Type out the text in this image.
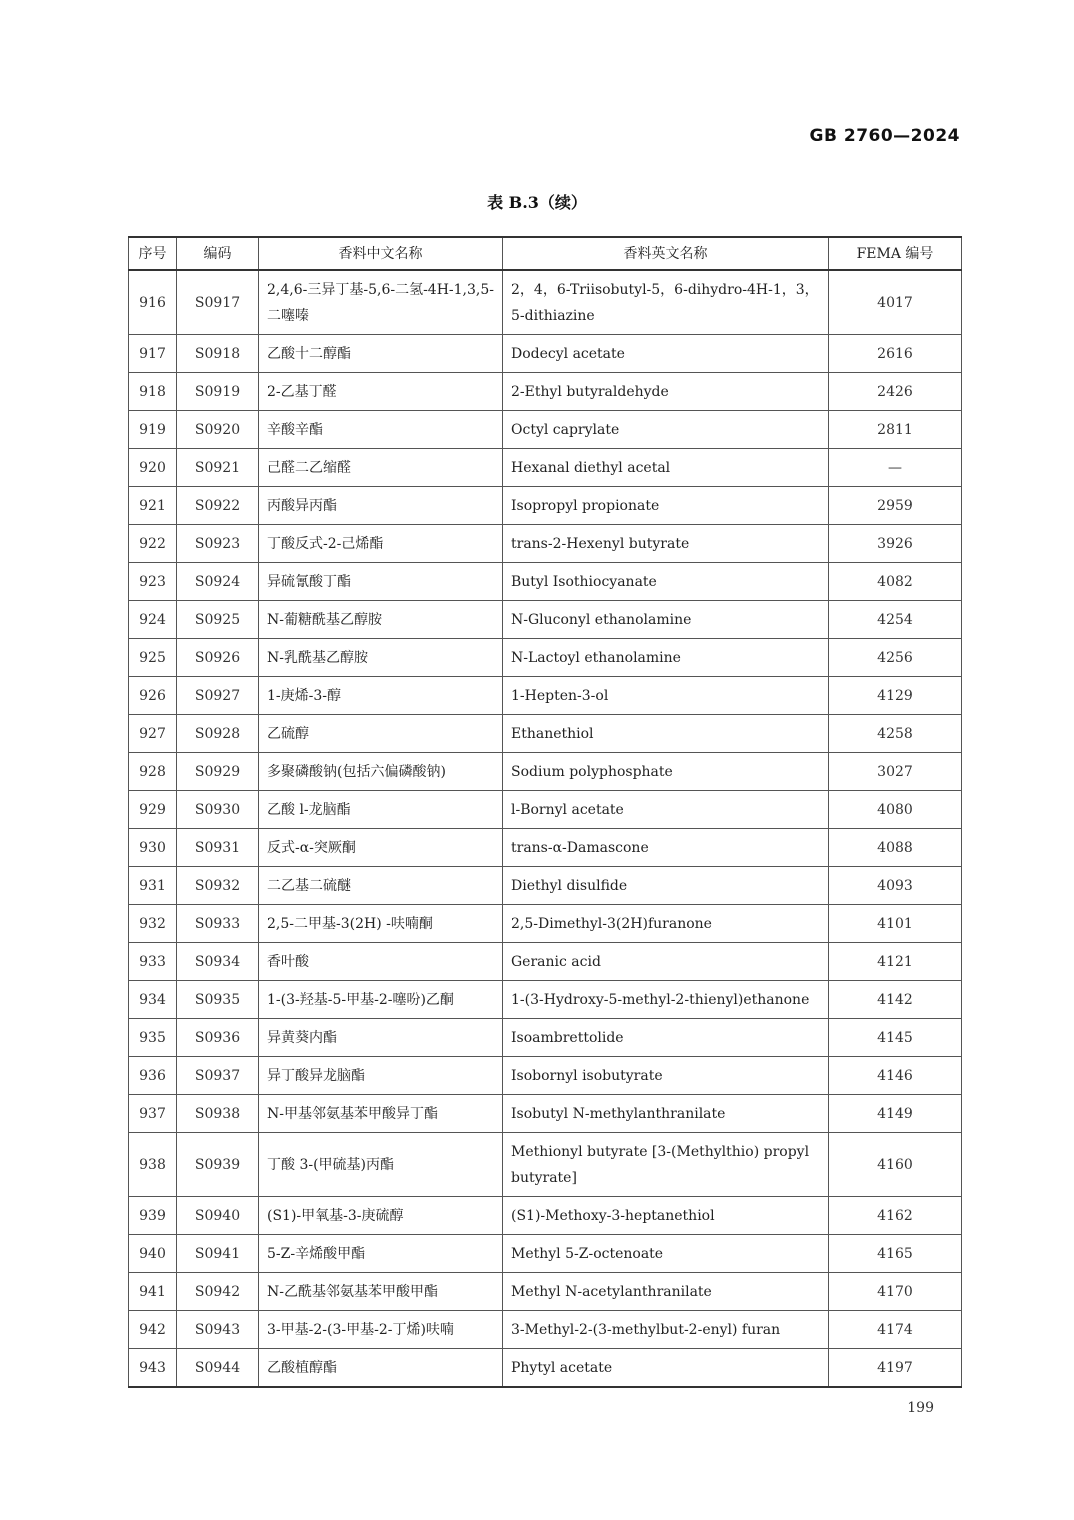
GB 2760—2024
表 B.3（续）
序号	编码	香料中文名称	香料英文名称	FEMA 编号
916	S0917	2,4,6-三异丁基-5,6-二氢-4H-1,3,5-二噻嗪	2，4，6-Triisobutyl-5，6-dihydro-4H-1，3，5-dithiazine	4017
917	S0918	乙酸十二醇酯	Dodecyl acetate	2616
918	S0919	2-乙基丁醛	2-Ethyl butyraldehyde	2426
919	S0920	辛酸辛酯	Octyl caprylate	2811
920	S0921	己醛二乙缩醛	Hexanal diethyl acetal	—
921	S0922	丙酸异丙酯	Isopropyl propionate	2959
922	S0923	丁酸反式-2-己烯酯	trans-2-Hexenyl butyrate	3926
923	S0924	异硫氰酸丁酯	Butyl Isothiocyanate	4082
924	S0925	N-葡糖酰基乙醇胺	N-Gluconyl ethanolamine	4254
925	S0926	N-乳酰基乙醇胺	N-Lactoyl ethanolamine	4256
926	S0927	1-庚烯-3-醇	1-Hepten-3-ol	4129
927	S0928	乙硫醇	Ethanethiol	4258
928	S0929	多聚磷酸钠(包括六偏磷酸钠)	Sodium polyphosphate	3027
929	S0930	乙酸 l-龙脑酯	l-Bornyl acetate	4080
930	S0931	反式-α-突厥酮	trans-α-Damascone	4088
931	S0932	二乙基二硫醚	Diethyl disulfide	4093
932	S0933	2,5-二甲基-3(2H) -呋喃酮	2,5-Dimethyl-3(2H)furanone	4101
933	S0934	香叶酸	Geranic acid	4121
934	S0935	1-(3-羟基-5-甲基-2-噻吩)乙酮	1-(3-Hydroxy-5-methyl-2-thienyl)ethanone	4142
935	S0936	异黄葵内酯	Isoambrettolide	4145
936	S0937	异丁酸异龙脑酯	Isobornyl isobutyrate	4146
937	S0938	N-甲基邻氨基苯甲酸异丁酯	Isobutyl N-methylanthranilate	4149
938	S0939	丁酸 3-(甲硫基)丙酯	Methionyl butyrate [3-(Methylthio) propyl butyrate]	4160
939	S0940	(S1)-甲氧基-3-庚硫醇	(S1)-Methoxy-3-heptanethiol	4162
940	S0941	5-Z-辛烯酸甲酯	Methyl 5-Z-octenoate	4165
941	S0942	N-乙酰基邻氨基苯甲酸甲酯	Methyl N-acetylanthranilate	4170
942	S0943	3-甲基-2-(3-甲基-2-丁烯)呋喃	3-Methyl-2-(3-methylbut-2-enyl) furan	4174
943	S0944	乙酸植醇酯	Phytyl acetate	4197
199
